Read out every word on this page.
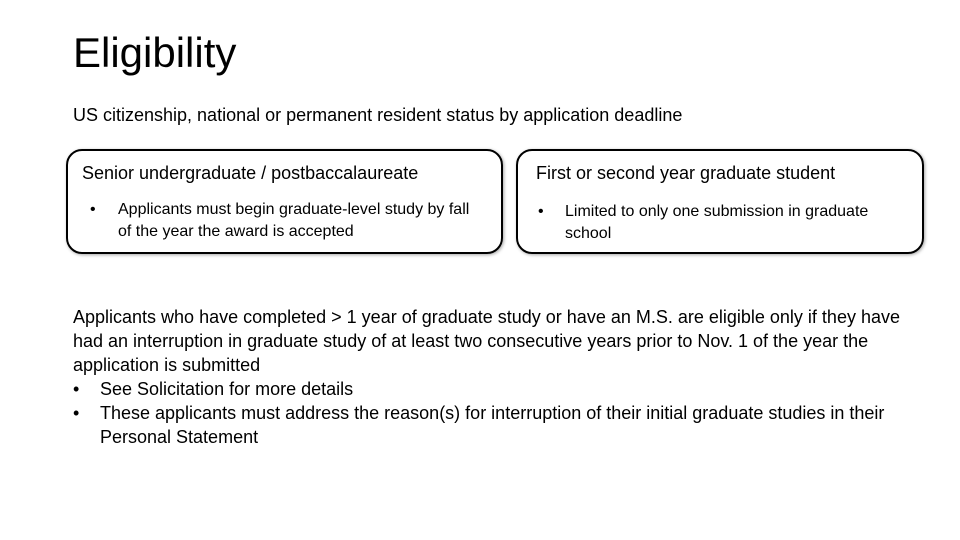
Eligibility
US citizenship, national or permanent resident status by application deadline
Senior undergraduate / postbaccalaureate
• Applicants must begin graduate-level study by fall of the year the award is accepted
First or second year graduate student
• Limited to only one submission in graduate school
Applicants who have completed > 1 year of graduate study or have an M.S. are eligible only if they have had an interruption in graduate study of at least two consecutive years prior to Nov. 1 of the year the application is submitted
• See Solicitation for more details
• These applicants must address the reason(s) for interruption of their initial graduate studies in their Personal Statement
